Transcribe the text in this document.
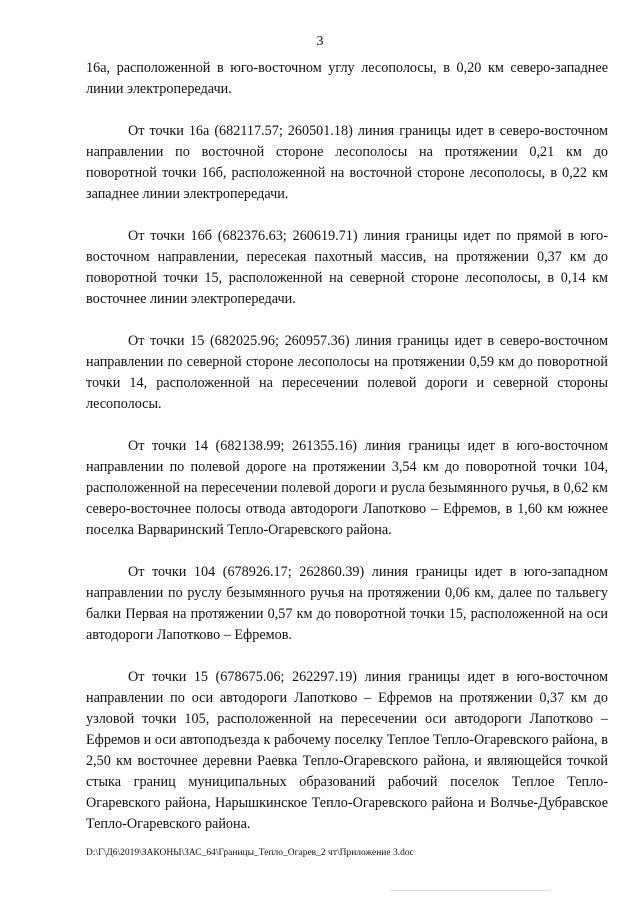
3

16а, расположенной в юго-восточном углу лесополосы, в 0,20 км северо-западнее линии электропередачи.

От точки 16а (682117.57; 260501.18) линия границы идет в северо-восточном направлении по восточной стороне лесополосы на протяжении 0,21 км до поворотной точки 16б, расположенной на восточной стороне лесополосы, в 0,22 км западнее линии электропередачи.

От точки 16б (682376.63; 260619.71) линия границы идет по прямой в юго-восточном направлении, пересекая пахотный массив, на протяжении 0,37 км до поворотной точки 15, расположенной на северной стороне лесополосы, в 0,14 км восточнее линии электропередачи.

От точки 15 (682025.96; 260957.36) линия границы идет в северо-восточном направлении по северной стороне лесополосы на протяжении 0,59 км до поворотной точки 14, расположенной на пересечении полевой дороги и северной стороны лесополосы.

От точки 14 (682138.99; 261355.16) линия границы идет в юго-восточном направлении по полевой дороге на протяжении 3,54 км до поворотной точки 104, расположенной на пересечении полевой дороги и русла безымянного ручья, в 0,62 км северо-восточнее полосы отвода автодороги Лапотково – Ефремов, в 1,60 км южнее поселка Варваринский Тепло-Огаревского района.

От точки 104 (678926.17; 262860.39) линия границы идет в юго-западном направлении по руслу безымянного ручья на протяжении 0,06 км, далее по тальвегу балки Первая на протяжении 0,57 км до поворотной точки 15, расположенной на оси автодороги Лапотково – Ефремов.

От точки 15 (678675.06; 262297.19) линия границы идет в юго-восточном направлении по оси автодороги Лапотково – Ефремов на протяжении 0,37 км до узловой точки 105, расположенной на пересечении оси автодороги Лапотково – Ефремов и оси автоподъезда к рабочему поселку Теплое Тепло-Огаревского района, в 2,50 км восточнее деревни Раевка Тепло-Огаревского района, и являющейся точкой стыка границ муниципальных образований рабочий поселок Теплое Тепло-Огаревского района, Нарышкинское Тепло-Огаревского района и Волчье-Дубравское Тепло-Огаревского района.

D:\Г\Д6\2019\ЗАКОНЫ\ЗАС_64\Границы_Тепло_Огарев_2 чт\Приложение 3.doc
